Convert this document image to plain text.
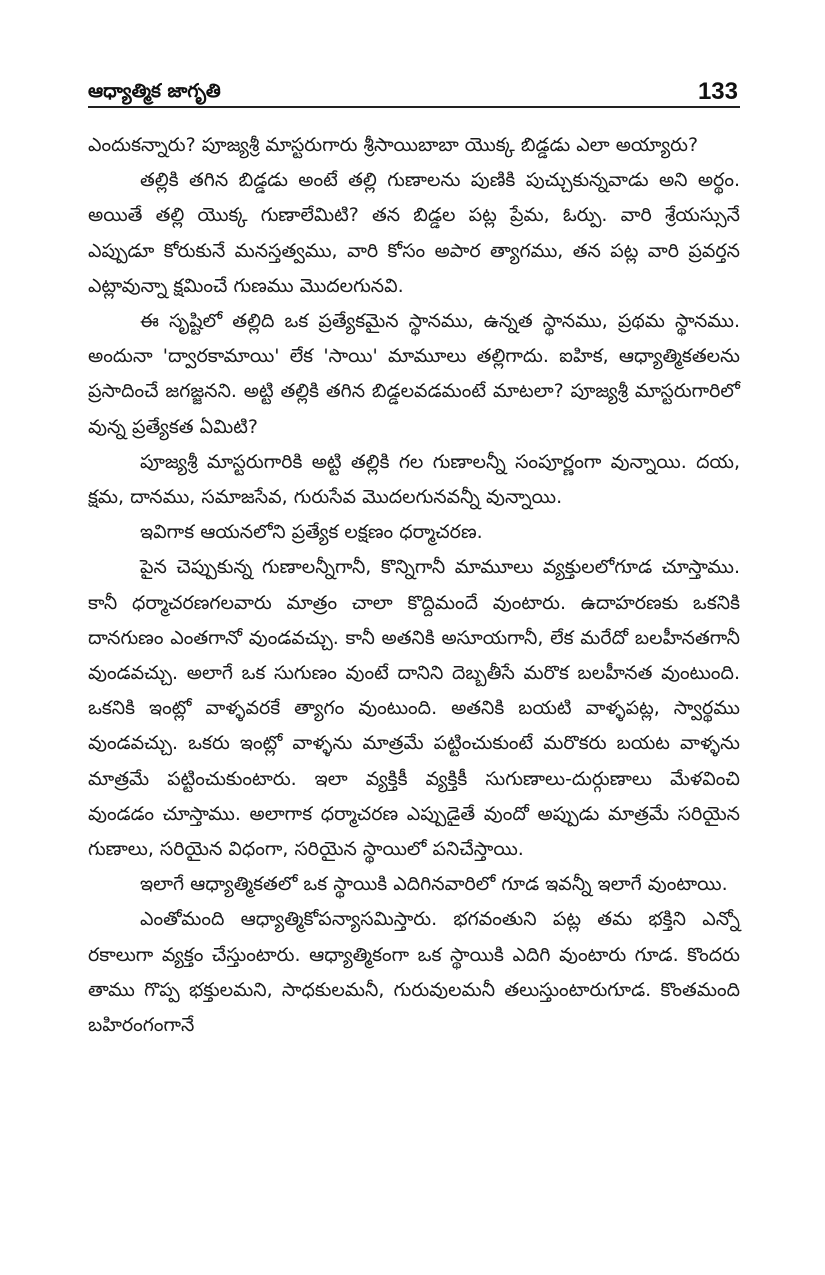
ఆధ్యాత్మిక జాగృతి	133

ఎందుకన్నారు? పూజ్యశ్రీ మాస్టరుగారు శ్రీసాయిబాబా యొక్క బిడ్డడు ఎలా అయ్యారు?

తల్లికి తగిన బిడ్డడు అంటే తల్లి గుణాలను పుణికి పుచ్చుకున్నవాడు అని అర్థం. అయితే తల్లి యొక్క గుణాలేమిటి? తన బిడ్డల పట్ల ప్రేమ, ఓర్పు. వారి శ్రేయస్సునే ఎప్పుడూ కోరుకునే మనస్తత్వము, వారి కోసం అపార త్యాగము, తన పట్ల వారి ప్రవర్తన ఎట్లావున్నా క్షమించే గుణము మొదలగునవి.

ఈ సృష్టిలో తల్లిది ఒక ప్రత్యేకమైన స్థానము, ఉన్నత స్థానము, ప్రథమ స్థానము. అందునా 'ద్వారకామాయి' లేక 'సాయి' మామూలు తల్లిగాదు. ఐహిక, ఆధ్యాత్మికతలను ప్రసాదించే జగజ్జనని. అట్టి తల్లికి తగిన బిడ్డలవడమంటే మాటలా? పూజ్యశ్రీ మాస్టరుగారిలో వున్న ప్రత్యేకత ఏమిటి?

పూజ్యశ్రీ మాస్టరుగారికి అట్టి తల్లికి గల గుణాలన్నీ సంపూర్ణంగా వున్నాయి. దయ, క్షమ, దానము, సమాజసేవ, గురుసేవ మొదలగునవన్నీ వున్నాయి.

ఇవిగాక ఆయనలోని ప్రత్యేక లక్షణం ధర్మాచరణ.

పైన చెప్పుకున్న గుణాలన్నీగానీ, కొన్నిగానీ మామూలు వ్యక్తులలోగూడ చూస్తాము. కానీ ధర్మాచరణగలవారు మాత్రం చాలా కొద్దిమందే వుంటారు. ఉదాహరణకు ఒకనికి దానగుణం ఎంతగానో వుండవచ్చు. కానీ అతనికి అసూయగానీ, లేక మరేదో బలహీనతగానీ వుండవచ్చు. అలాగే ఒక సుగుణం వుంటే దానిని దెబ్బతీసే మరొక బలహీనత వుంటుంది. ఒకనికి ఇంట్లో వాళ్ళవరకే త్యాగం వుంటుంది. అతనికి బయటి వాళ్ళపట్ల, స్వార్థము వుండవచ్చు. ఒకరు ఇంట్లో వాళ్ళను మాత్రమే పట్టించుకుంటే మరొకరు బయట వాళ్ళను మాత్రమే పట్టించుకుంటారు. ఇలా వ్యక్తికీ వ్యక్తికీ సుగుణాలు-దుర్గుణాలు మేళవించి వుండడం చూస్తాము. అలాగాక ధర్మాచరణ ఎప్పుడైతే వుందో అప్పుడు మాత్రమే సరియైన గుణాలు, సరియైన విధంగా, సరియైన స్థాయిలో పనిచేస్తాయి.

ఇలాగే ఆధ్యాత్మికతలో ఒక స్థాయికి ఎదిగినవారిలో గూడ ఇవన్నీ ఇలాగే వుంటాయి.

ఎంతోమంది ఆధ్యాత్మికోపన్యాసమిస్తారు. భగవంతుని పట్ల తమ భక్తిని ఎన్నో రకాలుగా వ్యక్తం చేస్తుంటారు. ఆధ్యాత్మికంగా ఒక స్థాయికి ఎదిగి వుంటారు గూడ. కొందరు తాము గొప్ప భక్తులమని, సాధకులమనీ, గురువులమనీ తలుస్తుంటారుగూడ. కొంతమంది బహిరంగంగానే
